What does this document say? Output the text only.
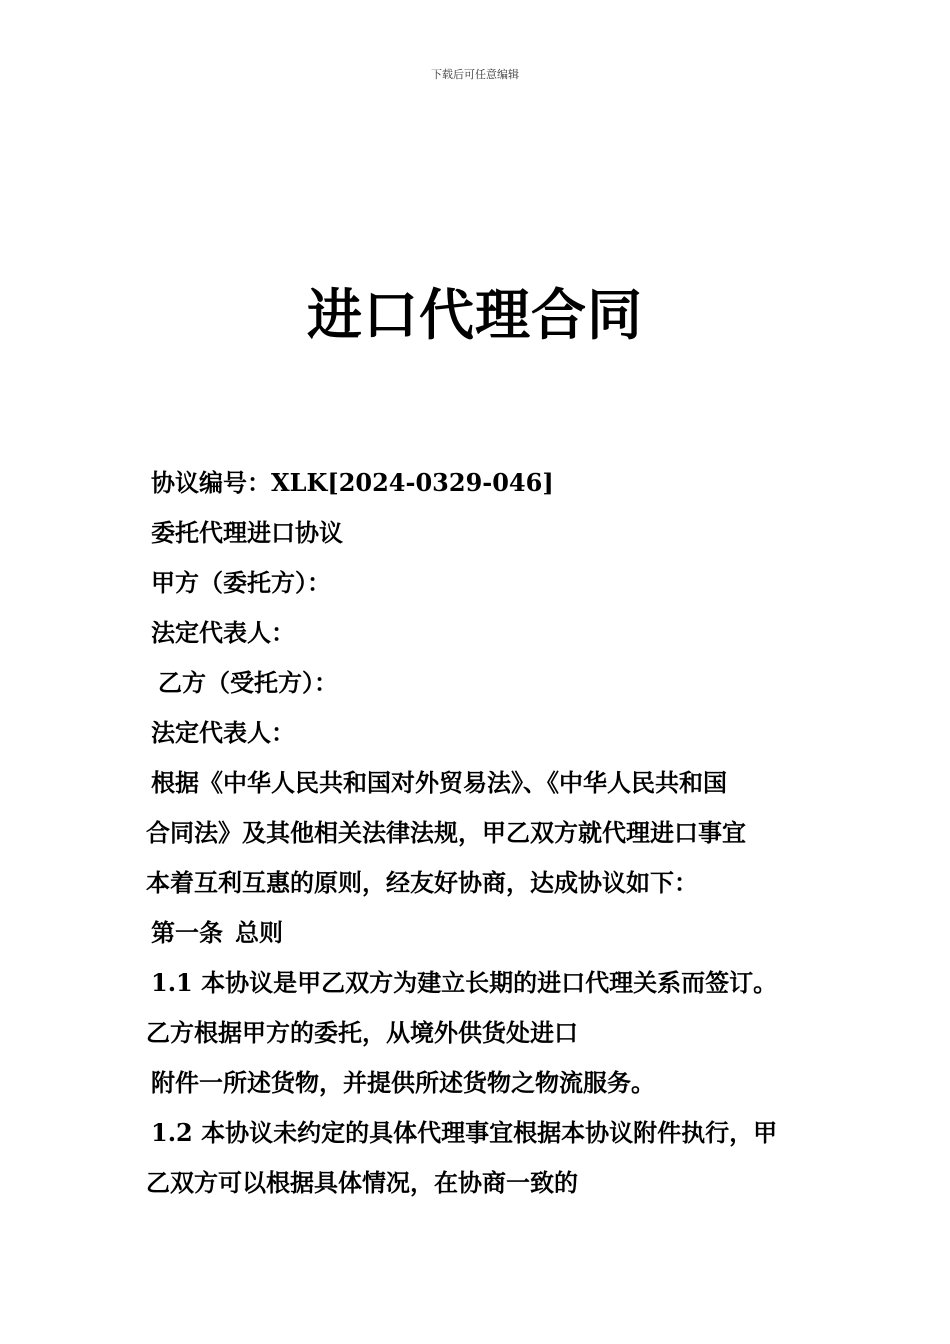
下载后可任意编辑
进口代理合同
协议编号：XLK[2024-0329-046]
委托代理进口协议
甲方（委托方）：
法定代表人：
乙方（受托方）：
法定代表人：
根据《中华人民共和国对外贸易法》、《中华人民共和国
合同法》及其他相关法律法规，甲乙双方就代理进口事宜
本着互利互惠的原则，经友好协商，达成协议如下：
第一条 总则
1.1 本协议是甲乙双方为建立长期的进口代理关系而签订。
乙方根据甲方的委托，从境外供货处进口
附件一所述货物，并提供所述货物之物流服务。
1.2 本协议未约定的具体代理事宜根据本协议附件执行，甲
乙双方可以根据具体情况，在协商一致的
